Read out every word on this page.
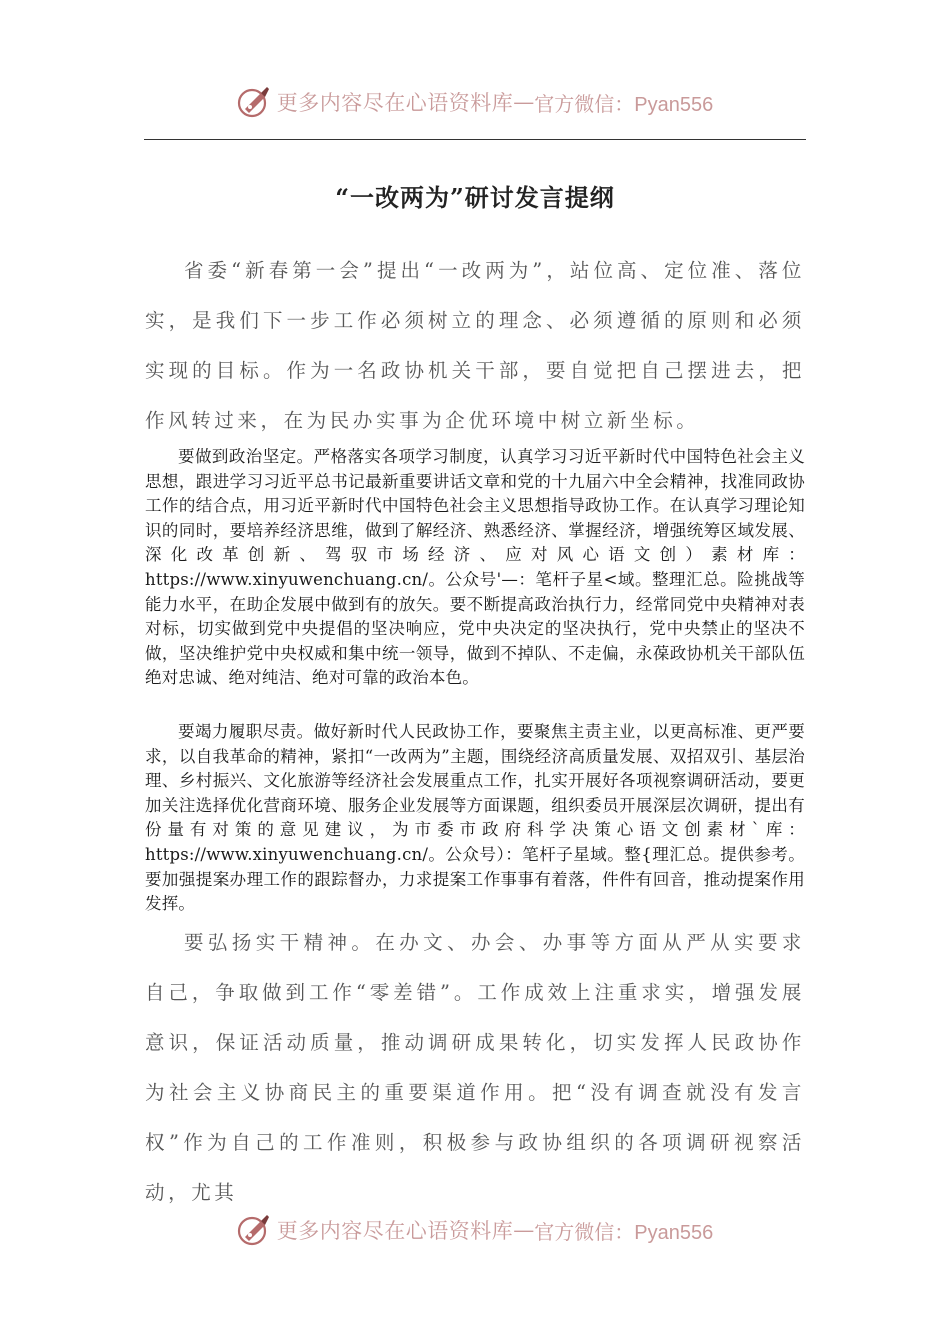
更多内容尽在心语资料库 — 官方微信：Pyan556
“一改两为”研讨发言提纲

省委“新春第一会”提出“一改两为”，站位高、定位准、落位实，是我们下一步工作必须树立的理念、必须遵循的原则和必须实现的目标。作为一名政协机关干部，要自觉把自己摆进去，把作风转过来，在为民办实事为企优环境中树立新坐标。

要做到政治坚定。严格落实各项学习制度，认真学习习近平新时代中国特色社会主义思想，跟进学习习近平总书记最新重要讲话文章和党的十九届六中全会精神，找准同政协工作的结合点，用习近平新时代中国特色社会主义思想指导政协工作。在认真学习理论知识的同时，要培养经济思维，做到了解经济、熟悉经济、掌握经济，增强统筹区域发展、深化改革创新、驾驭市场经济、应对风心语文创）素材库：https://www.xinyuwenchuang.cn/。公众号'—：笔杆子星<域。整理汇总。险挑战等能力水平，在助企发展中做到有的放矢。要不断提高政治执行力，经常同党中央精神对表对标，切实做到党中央提倡的坚决响应，党中央决定的坚决执行，党中央禁止的坚决不做，坚决维护党中央权威和集中统一领导，做到不掉队、不走偏，永葆政协机关干部队伍绝对忠诚、绝对纯洁、绝对可靠的政治本色。

要竭力履职尽责。做好新时代人民政协工作，要聚焦主责主业，以更高标准、更严要求，以自我革命的精神，紧扣“一改两为”主题，围绕经济高质量发展、双招双引、基层治理、乡村振兴、文化旅游等经济社会发展重点工作，扎实开展好各项视察调研活动，要更加关注选择优化营商环境、服务企业发展等方面课题，组织委员开展深层次调研，提出有份量有对策的意见建议，为市委市政府科学决策心语文创素材`库：https://www.xinyuwenchuang.cn/。公众号）：笔杆子星域。整{理汇总。提供参考。要加强提案办理工作的跟踪督办，力求提案工作事事有着落，件件有回音，推动提案作用发挥。

要弘扬实干精神。在办文、办会、办事等方面从严从实要求自己，争取做到工作“零差错”。工作成效上注重求实，增强发展意识，保证活动质量，推动调研成果转化，切实发挥人民政协作为社会主义协商民主的重要渠道作用。把“没有调查就没有发言权”作为自己的工作准则，积极参与政协组织的各项调研视察活动，尤其

更多内容尽在心语资料库 — 官方微信：Pyan556
